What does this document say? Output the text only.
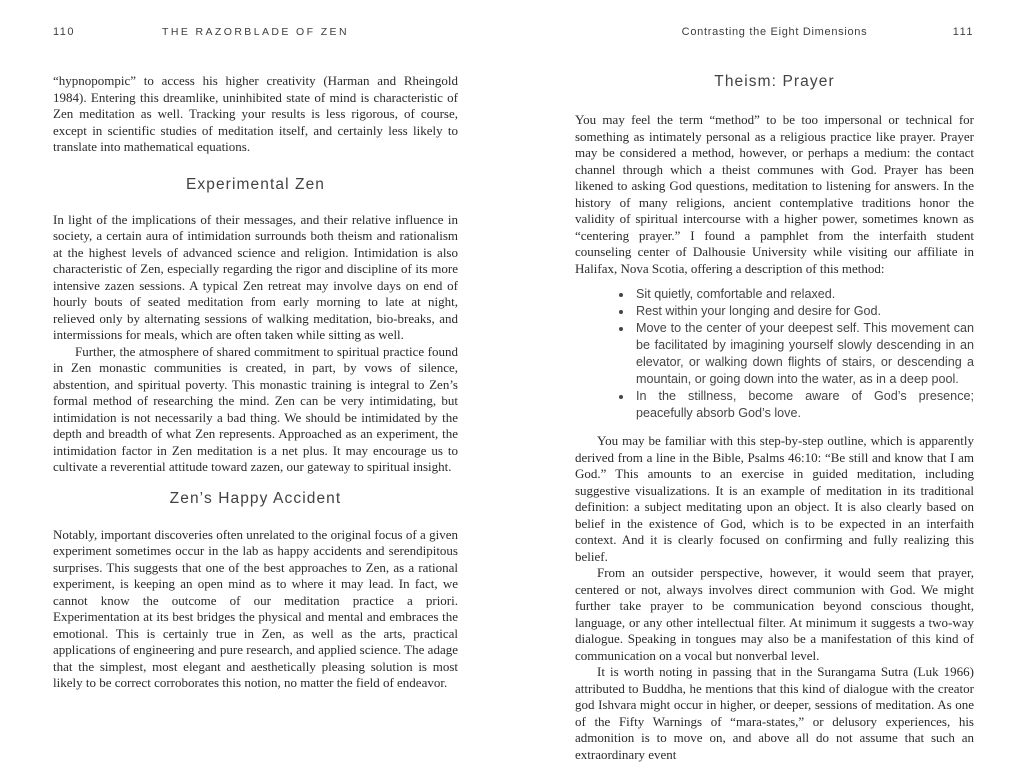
110	THE RAZORBLADE OF ZEN

“hypnopompic” to access his higher creativity (Harman and Rheingold 1984). Entering this dreamlike, uninhibited state of mind is characteristic of Zen meditation as well. Tracking your results is less rigorous, of course, except in scientific studies of meditation itself, and certainly less likely to translate into mathematical equations.

Experimental Zen

In light of the implications of their messages, and their relative influence in society, a certain aura of intimidation surrounds both theism and rationalism at the highest levels of advanced science and religion. Intimidation is also characteristic of Zen, especially regarding the rigor and discipline of its more intensive zazen sessions. A typical Zen retreat may involve days on end of hourly bouts of seated meditation from early morning to late at night, relieved only by alternating sessions of walking meditation, bio-breaks, and intermissions for meals, which are often taken while sitting as well.

Further, the atmosphere of shared commitment to spiritual practice found in Zen monastic communities is created, in part, by vows of silence, abstention, and spiritual poverty. This monastic training is integral to Zen’s formal method of researching the mind. Zen can be very intimidating, but intimidation is not necessarily a bad thing. We should be intimidated by the depth and breadth of what Zen represents. Approached as an experiment, the intimidation factor in Zen meditation is a net plus. It may encourage us to cultivate a reverential attitude toward zazen, our gateway to spiritual insight.

Zen’s Happy Accident

Notably, important discoveries often unrelated to the original focus of a given experiment sometimes occur in the lab as happy accidents and serendipitous surprises. This suggests that one of the best approaches to Zen, as a rational experiment, is keeping an open mind as to where it may lead. In fact, we cannot know the outcome of our meditation practice a priori. Experimentation at its best bridges the physical and mental and embraces the emotional. This is certainly true in Zen, as well as the arts, practical applications of engineering and pure research, and applied science. The adage that the simplest, most elegant and aesthetically pleasing solution is most likely to be correct corroborates this notion, no matter the field of endeavor.

111
Contrasting the Eight Dimensions
Theism: Prayer

You may feel the term “method” to be too impersonal or technical for something as intimately personal as a religious practice like prayer. Prayer may be considered a method, however, or perhaps a medium: the contact channel through which a theist communes with God. Prayer has been likened to asking God questions, meditation to listening for answers. In the history of many religions, ancient contemplative traditions honor the validity of spiritual intercourse with a higher power, sometimes known as “centering prayer.” I found a pamphlet from the interfaith student counseling center of Dalhousie University while visiting our affiliate in Halifax, Nova Scotia, offering a description of this method:

• Sit quietly, comfortable and relaxed.
• Rest within your longing and desire for God.
• Move to the center of your deepest self. This movement can be facilitated by imagining yourself slowly descending in an elevator, or walking down flights of stairs, or descending a mountain, or going down into the water, as in a deep pool.
• In the stillness, become aware of God’s presence; peacefully absorb God’s love.

You may be familiar with this step-by-step outline, which is apparently derived from a line in the Bible, Psalms 46:10: “Be still and know that I am God.” This amounts to an exercise in guided meditation, including suggestive visualizations. It is an example of meditation in its traditional definition: a subject meditating upon an object. It is also clearly based on belief in the existence of God, which is to be expected in an interfaith context. And it is clearly focused on confirming and fully realizing this belief.

From an outsider perspective, however, it would seem that prayer, centered or not, always involves direct communion with God. We might further take prayer to be communication beyond conscious thought, language, or any other intellectual filter. At minimum it suggests a two-way dialogue. Speaking in tongues may also be a manifestation of this kind of communication on a vocal but nonverbal level.

It is worth noting in passing that in the Surangama Sutra (Luk 1966) attributed to Buddha, he mentions that this kind of dialogue with the creator god Ishvara might occur in higher, or deeper, sessions of meditation. As one of the Fifty Warnings of “mara-states,” or delusory experiences, his admonition is to move on, and above all do not assume that such an extraordinary event
